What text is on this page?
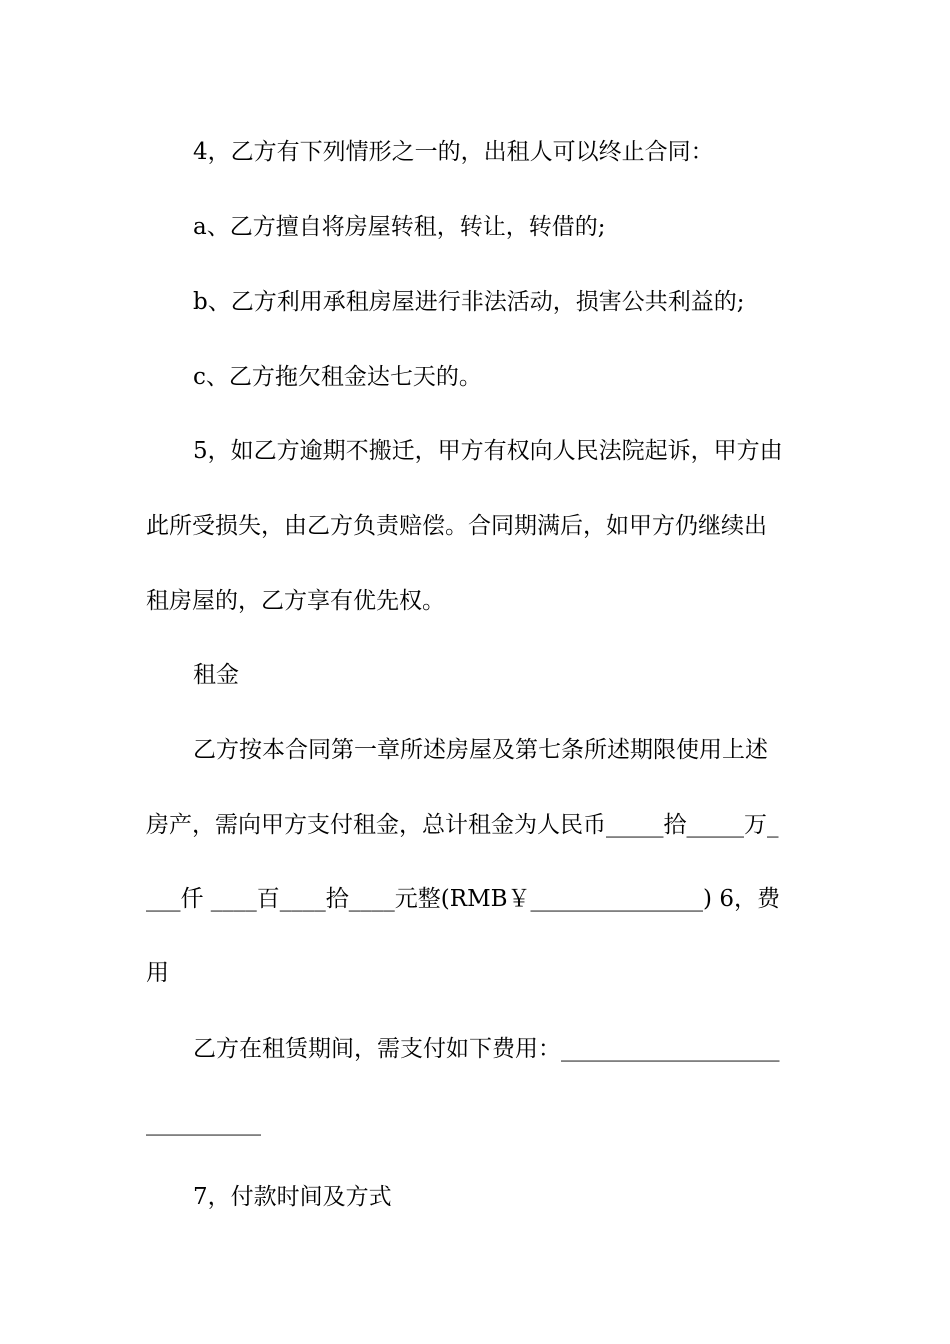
4，乙方有下列情形之一的，出租人可以终止合同：
a、乙方擅自将房屋转租，转让，转借的;
b、乙方利用承租房屋进行非法活动，损害公共利益的;
c、乙方拖欠租金达七天的。
5，如乙方逾期不搬迁，甲方有权向人民法院起诉，甲方由
此所受损失，由乙方负责赔偿。合同期满后，如甲方仍继续出
租房屋的，乙方享有优先权。
租金
乙方按本合同第一章所述房屋及第七条所述期限使用上述
房产，需向甲方支付租金，总计租金为人民币_____拾_____万_
___仟 ____百____拾____元整(RMB￥_______________) 6，费
用
乙方在租赁期间，需支付如下费用：___________________
__________
7，付款时间及方式
